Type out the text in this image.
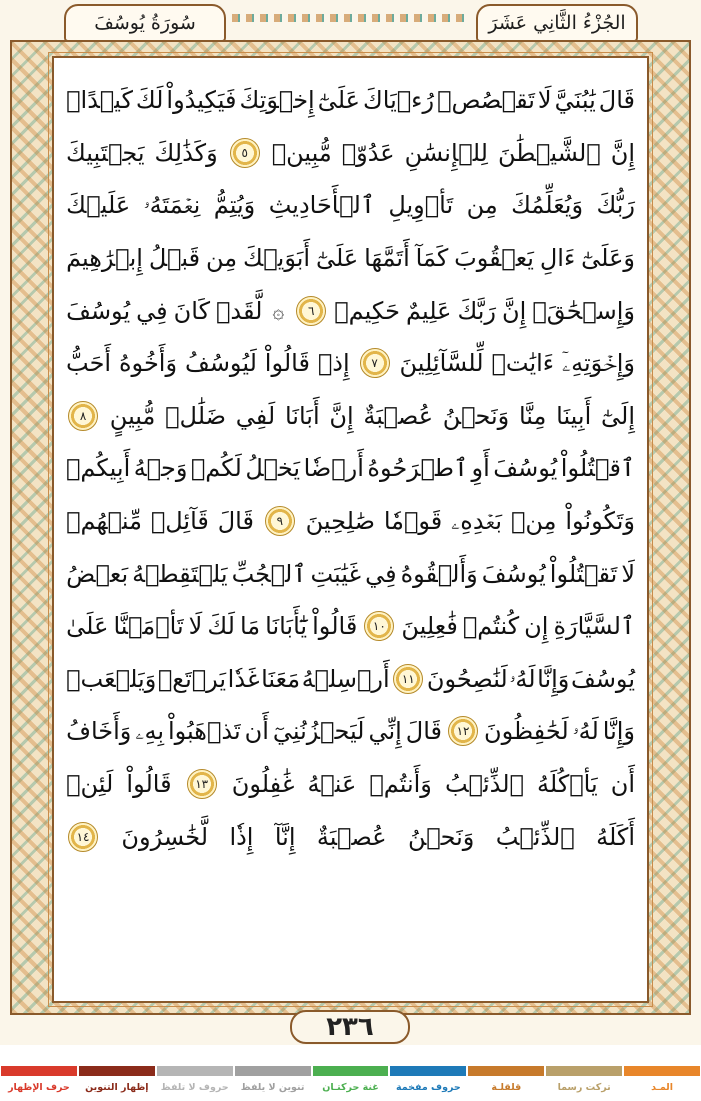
سُورَةُ يُوسُفَ	الجُزْءُ الثَّانِي عَشَرَ
قَالَ
يَٰبُنَيَّ
لَا
تَقۡصُصۡ
رُءۡيَاكَ
عَلَىٰٓ
إِخۡوَتِكَ
فَيَكِيدُواْ
لَكَ
كَيۡدًاۖ
إِنَّ
ٱلشَّيۡطَٰنَ
لِلۡإِنسَٰنِ
عَدُوّٞ
مُّبِينٞ
٥
وَكَذَٰلِكَ
يَجۡتَبِيكَ
رَبُّكَ
وَيُعَلِّمُكَ
مِن
تَأۡوِيلِ
ٱلۡأَحَادِيثِ
وَيُتِمُّ
نِعۡمَتَهُۥ
عَلَيۡكَ
وَعَلَىٰٓ
ءَالِ
يَعۡقُوبَ
كَمَآ
أَتَمَّهَا
عَلَىٰٓ
أَبَوَيۡكَ
مِن
قَبۡلُ
إِبۡرَٰهِيمَ
وَإِسۡحَٰقَۚ
إِنَّ
رَبَّكَ
عَلِيمٌ
حَكِيمٞ
٦
۞
لَّقَدۡ
كَانَ
فِي
يُوسُفَ
وَإِخۡوَتِهِۦٓ
ءَايَٰتٞ
لِّلسَّآئِلِينَ
٧
إِذۡ
قَالُواْ
لَيُوسُفُ
وَأَخُوهُ
أَحَبُّ
إِلَىٰٓ
أَبِينَا
مِنَّا
وَنَحۡنُ
عُصۡبَةٌ
إِنَّ
أَبَانَا
لَفِي
ضَلَٰلٖ
مُّبِينٍ
٨
ٱقۡتُلُواْ
يُوسُفَ
أَوِ
ٱطۡرَحُوهُ
أَرۡضٗا
يَخۡلُ
لَكُمۡ
وَجۡهُ
أَبِيكُمۡ
وَتَكُونُواْ
مِنۢ
بَعۡدِهِۦ
قَوۡمٗا
صَٰلِحِينَ
٩
قَالَ
قَآئِلٞ
مِّنۡهُمۡ
لَا
تَقۡتُلُواْ
يُوسُفَ
وَأَلۡقُوهُ
فِي
غَيَٰبَتِ
ٱلۡجُبِّ
يَلۡتَقِطۡهُ
بَعۡضُ
ٱلسَّيَّارَةِ
إِن
كُنتُمۡ
فَٰعِلِينَ
١٠
قَالُواْ
يَٰٓأَبَانَا
مَا
لَكَ
لَا
تَأۡمَ۬نَّا
عَلَىٰ
يُوسُفَ
وَإِنَّا
لَهُۥ
لَنَٰصِحُونَ
١١
أَرۡسِلۡهُ
مَعَنَا
غَدٗا
يَرۡتَعۡ
وَيَلۡعَبۡ
وَإِنَّا
لَهُۥ
لَحَٰفِظُونَ
١٢
قَالَ
إِنِّي
لَيَحۡزُنُنِيٓ
أَن
تَذۡهَبُواْ
بِهِۦ
وَأَخَافُ
أَن
يَأۡكُلَهُ
ٱلذِّئۡبُ
وَأَنتُمۡ
عَنۡهُ
غَٰفِلُونَ
١٣
قَالُواْ
لَئِنۡ
أَكَلَهُ
ٱلذِّئۡبُ
وَنَحۡنُ
عُصۡبَةٌ
إِنَّآ
إِذٗا
لَّخَٰسِرُونَ
١٤
٢٣٦
المـد
تركت رسما
قلقلـة
حروف مفخمة
غنة حركتـان
تنوين لا يلفظ
حروف لا تلفظ
إظهار التنوين
حرف الإظهار
